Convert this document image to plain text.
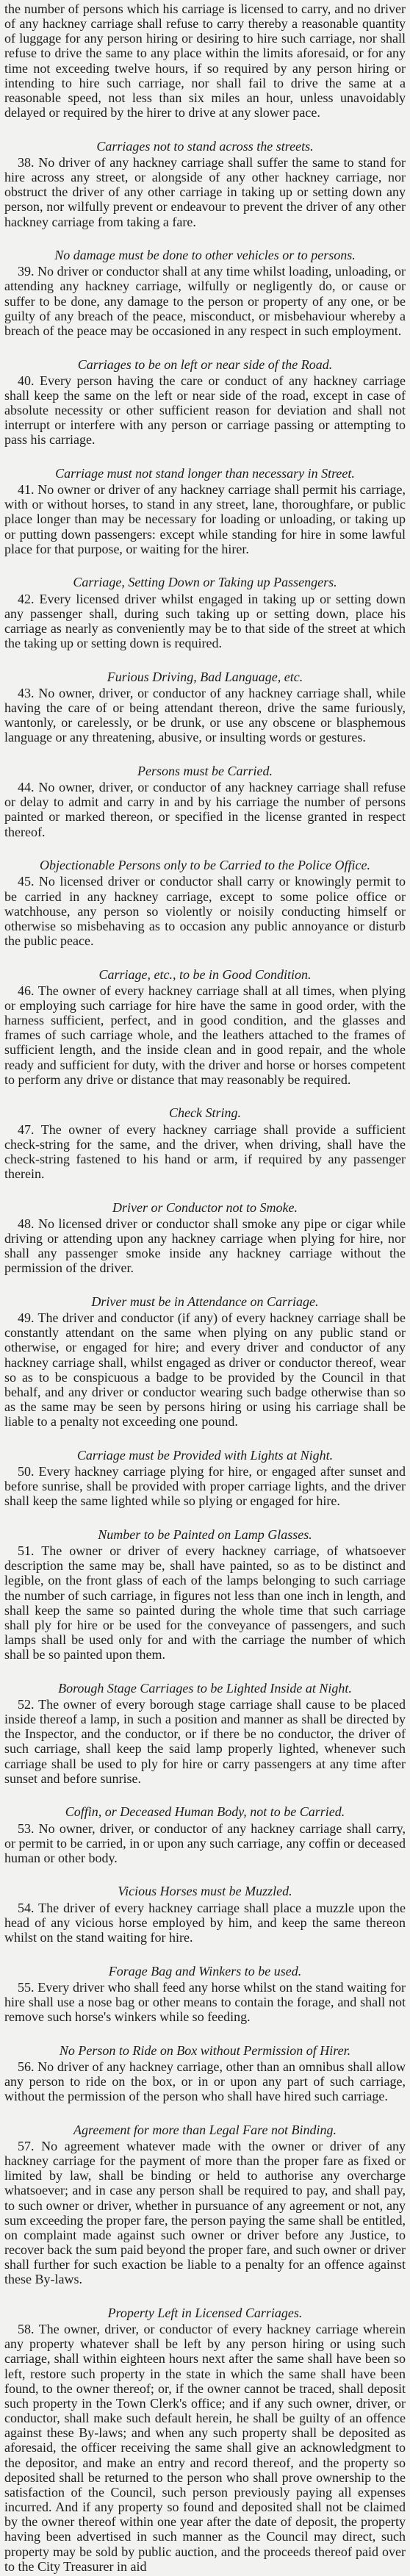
the number of persons which his carriage is licensed to carry, and no driver of any hackney carriage shall refuse to carry thereby a reasonable quantity of luggage for any person hiring or desiring to hire such carriage, nor shall refuse to drive the same to any place within the limits aforesaid, or for any time not exceeding twelve hours, if so required by any person hiring or intending to hire such carriage, nor shall fail to drive the same at a reasonable speed, not less than six miles an hour, unless unavoidably delayed or required by the hirer to drive at any slower pace.

Carriages not to stand across the streets.

38. No driver of any hackney carriage shall suffer the same to stand for hire across any street, or alongside of any other hackney carriage, nor obstruct the driver of any other carriage in taking up or setting down any person, nor wilfully prevent or endeavour to prevent the driver of any other hackney carriage from taking a fare.

No damage must be done to other vehicles or to persons.

39. No driver or conductor shall at any time whilst loading, unloading, or attending any hackney carriage, wilfully or negligently do, or cause or suffer to be done, any damage to the person or property of any one, or be guilty of any breach of the peace, misconduct, or misbehaviour whereby a breach of the peace may be occasioned in any respect in such employment.

Carriages to be on left or near side of the Road.

40. Every person having the care or conduct of any hackney carriage shall keep the same on the left or near side of the road, except in case of absolute necessity or other sufficient reason for deviation and shall not interrupt or interfere with any person or carriage passing or attempting to pass his carriage.

Carriage must not stand longer than necessary in Street.

41. No owner or driver of any hackney carriage shall permit his carriage, with or without horses, to stand in any street, lane, thoroughfare, or public place longer than may be necessary for loading or unloading, or taking up or putting down passengers: except while standing for hire in some lawful place for that purpose, or waiting for the hirer.

Carriage, Setting Down or Taking up Passengers.

42. Every licensed driver whilst engaged in taking up or setting down any passenger shall, during such taking up or setting down, place his carriage as nearly as conveniently may be to that side of the street at which the taking up or setting down is required.

Furious Driving, Bad Language, etc.

43. No owner, driver, or conductor of any hackney carriage shall, while having the care of or being attendant thereon, drive the same furiously, wantonly, or carelessly, or be drunk, or use any obscene or blasphemous language or any threatening, abusive, or insulting words or gestures.

Persons must be Carried.

44. No owner, driver, or conductor of any hackney carriage shall refuse or delay to admit and carry in and by his carriage the number of persons painted or marked thereon, or specified in the license granted in respect thereof.

Objectionable Persons only to be Carried to the Police Office.

45. No licensed driver or conductor shall carry or knowingly permit to be carried in any hackney carriage, except to some police office or watchhouse, any person so violently or noisily conducting himself or otherwise so misbehaving as to occasion any public annoyance or disturb the public peace.

Carriage, etc., to be in Good Condition.

46. The owner of every hackney carriage shall at all times, when plying or employing such carriage for hire have the same in good order, with the harness sufficient, perfect, and in good condition, and the glasses and frames of such carriage whole, and the leathers attached to the frames of sufficient length, and the inside clean and in good repair, and the whole ready and sufficient for duty, with the driver and horse or horses competent to perform any drive or distance that may reasonably be required.

Check String.

47. The owner of every hackney carriage shall provide a sufficient check-string for the same, and the driver, when driving, shall have the check-string fastened to his hand or arm, if required by any passenger therein.

Driver or Conductor not to Smoke.

48. No licensed driver or conductor shall smoke any pipe or cigar while driving or attending upon any hackney carriage when plying for hire, nor shall any passenger smoke inside any hackney carriage without the permission of the driver.

Driver must be in Attendance on Carriage.

49. The driver and conductor (if any) of every hackney carriage shall be constantly attendant on the same when plying on any public stand or otherwise, or engaged for hire; and every driver and conductor of any hackney carriage shall, whilst engaged as driver or conductor thereof, wear so as to be conspicuous a badge to be provided by the Council in that behalf, and any driver or conductor wearing such badge otherwise than so as the same may be seen by persons hiring or using his carriage shall be liable to a penalty not exceeding one pound.

Carriage must be Provided with Lights at Night.

50. Every hackney carriage plying for hire, or engaged after sunset and before sunrise, shall be provided with proper carriage lights, and the driver shall keep the same lighted while so plying or engaged for hire.

Number to be Painted on Lamp Glasses.

51. The owner or driver of every hackney carriage, of whatsoever description the same may be, shall have painted, so as to be distinct and legible, on the front glass of each of the lamps belonging to such carriage the number of such carriage, in figures not less than one inch in length, and shall keep the same so painted during the whole time that such carriage shall ply for hire or be used for the conveyance of passengers, and such lamps shall be used only for and with the carriage the number of which shall be so painted upon them.

Borough Stage Carriages to be Lighted Inside at Night.

52. The owner of every borough stage carriage shall cause to be placed inside thereof a lamp, in such a position and manner as shall be directed by the Inspector, and the conductor, or if there be no conductor, the driver of such carriage, shall keep the said lamp properly lighted, whenever such carriage shall be used to ply for hire or carry passengers at any time after sunset and before sunrise.

Coffin, or Deceased Human Body, not to be Carried.

53. No owner, driver, or conductor of any hackney carriage shall carry, or permit to be carried, in or upon any such carriage, any coffin or deceased human or other body.

Vicious Horses must be Muzzled.

54. The driver of every hackney carriage shall place a muzzle upon the head of any vicious horse employed by him, and keep the same thereon whilst on the stand waiting for hire.

Forage Bag and Winkers to be used.

55. Every driver who shall feed any horse whilst on the stand waiting for hire shall use a nose bag or other means to contain the forage, and shall not remove such horse's winkers while so feeding.

No Person to Ride on Box without Permission of Hirer.

56. No driver of any hackney carriage, other than an omnibus shall allow any person to ride on the box, or in or upon any part of such carriage, without the permission of the person who shall have hired such carriage.

Agreement for more than Legal Fare not Binding.

57. No agreement whatever made with the owner or driver of any hackney carriage for the payment of more than the proper fare as fixed or limited by law, shall be binding or held to authorise any overcharge whatsoever; and in case any person shall be required to pay, and shall pay, to such owner or driver, whether in pursuance of any agreement or not, any sum exceeding the proper fare, the person paying the same shall be entitled, on complaint made against such owner or driver before any Justice, to recover back the sum paid beyond the proper fare, and such owner or driver shall further for such exaction be liable to a penalty for an offence against these By-laws.

Property Left in Licensed Carriages.

58. The owner, driver, or conductor of every hackney carriage wherein any property whatever shall be left by any person hiring or using such carriage, shall within eighteen hours next after the same shall have been so left, restore such property in the state in which the same shall have been found, to the owner thereof; or, if the owner cannot be traced, shall deposit such property in the Town Clerk's office; and if any such owner, driver, or conductor, shall make such default herein, he shall be guilty of an offence against these By-laws; and when any such property shall be deposited as aforesaid, the officer receiving the same shall give an acknowledgment to the depositor, and make an entry and record thereof, and the property so deposited shall be returned to the person who shall prove ownership to the satisfaction of the Council, such person previously paying all expenses incurred. And if any property so found and deposited shall not be claimed by the owner thereof within one year after the date of deposit, the property having been advertised in such manner as the Council may direct, such property may be sold by public auction, and the proceeds thereof paid over to the City Treasurer in aid
